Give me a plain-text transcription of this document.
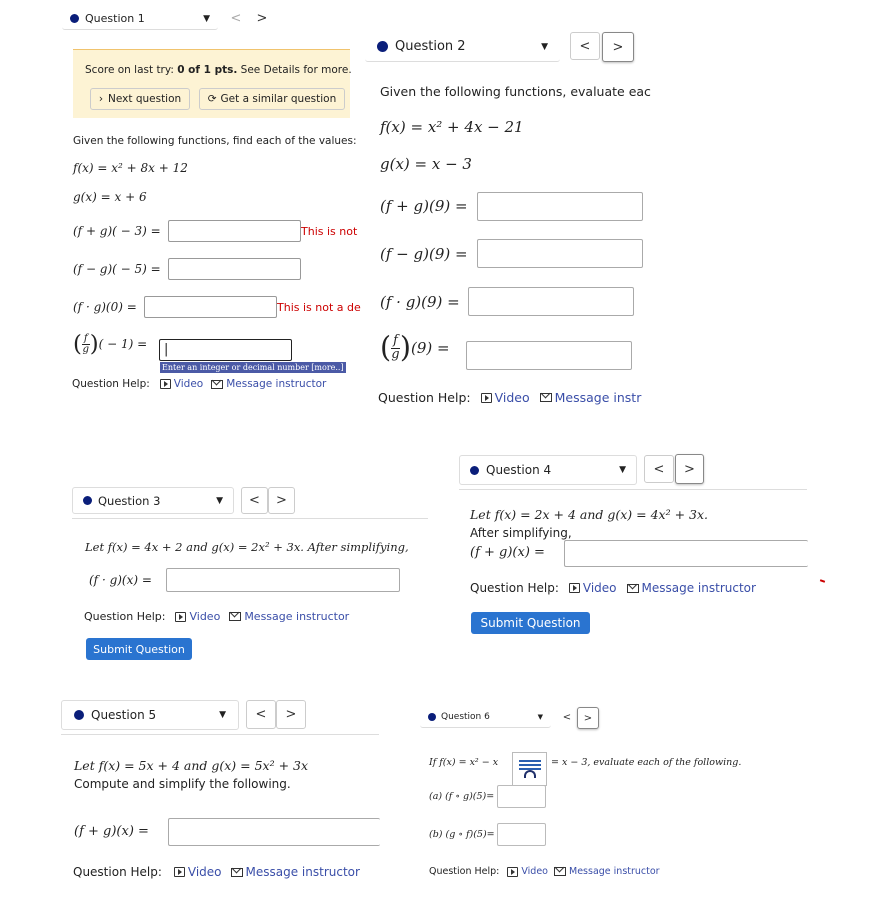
Question 1	▼	<	>
Score on last try: 0 of 1 pts. See Details for more.
› Next question	⟳ Get a similar question
Given the following functions, find each of the values:
f(x) = x² + 8x + 12
g(x) = x + 6
(f + g)( − 3) =	This is not
(f − g)( − 5) =
(f · g)(0) =	This is not a de
( $\frac{f}{g}$ ) ( − 1) = |
Enter an integer or decimal number [more..]
Question Help: Video Message instructor
Question 2	▼	<	>
Given the following functions, evaluate eac
f(x) = x² + 4x − 21
g(x) = x − 3
(f + g)(9) =
(f − g)(9) =
(f · g)(9) =
( $\frac{f}{g}$ ) (9) =
Question Help: Video Message instr
Question 3	▼	<	>
Let f(x) = 4x + 2 and g(x) = 2x² + 3x. After simplifying,
(f · g)(x) =
Question Help: Video Message instructor
Submit Question
Question 4	▼	<	>
Let f(x) = 2x + 4 and g(x) = 4x² + 3x.
After simplifying,
(f + g)(x) =
Question Help: Video Message instructor
Submit Question
Question 5	▼	<	>
Let f(x) = 5x + 4 and g(x) = 5x² + 3x
Compute and simplify the following.
(f + g)(x) =
Question Help: Video Message instructor
Question 6	▼	<	>
If f(x) = x² − x	= x − 3, evaluate each of the following.
(a) (f ∘ g)(5)=
(b) (g ∘ f)(5)=
Question Help: Video Message instructor
